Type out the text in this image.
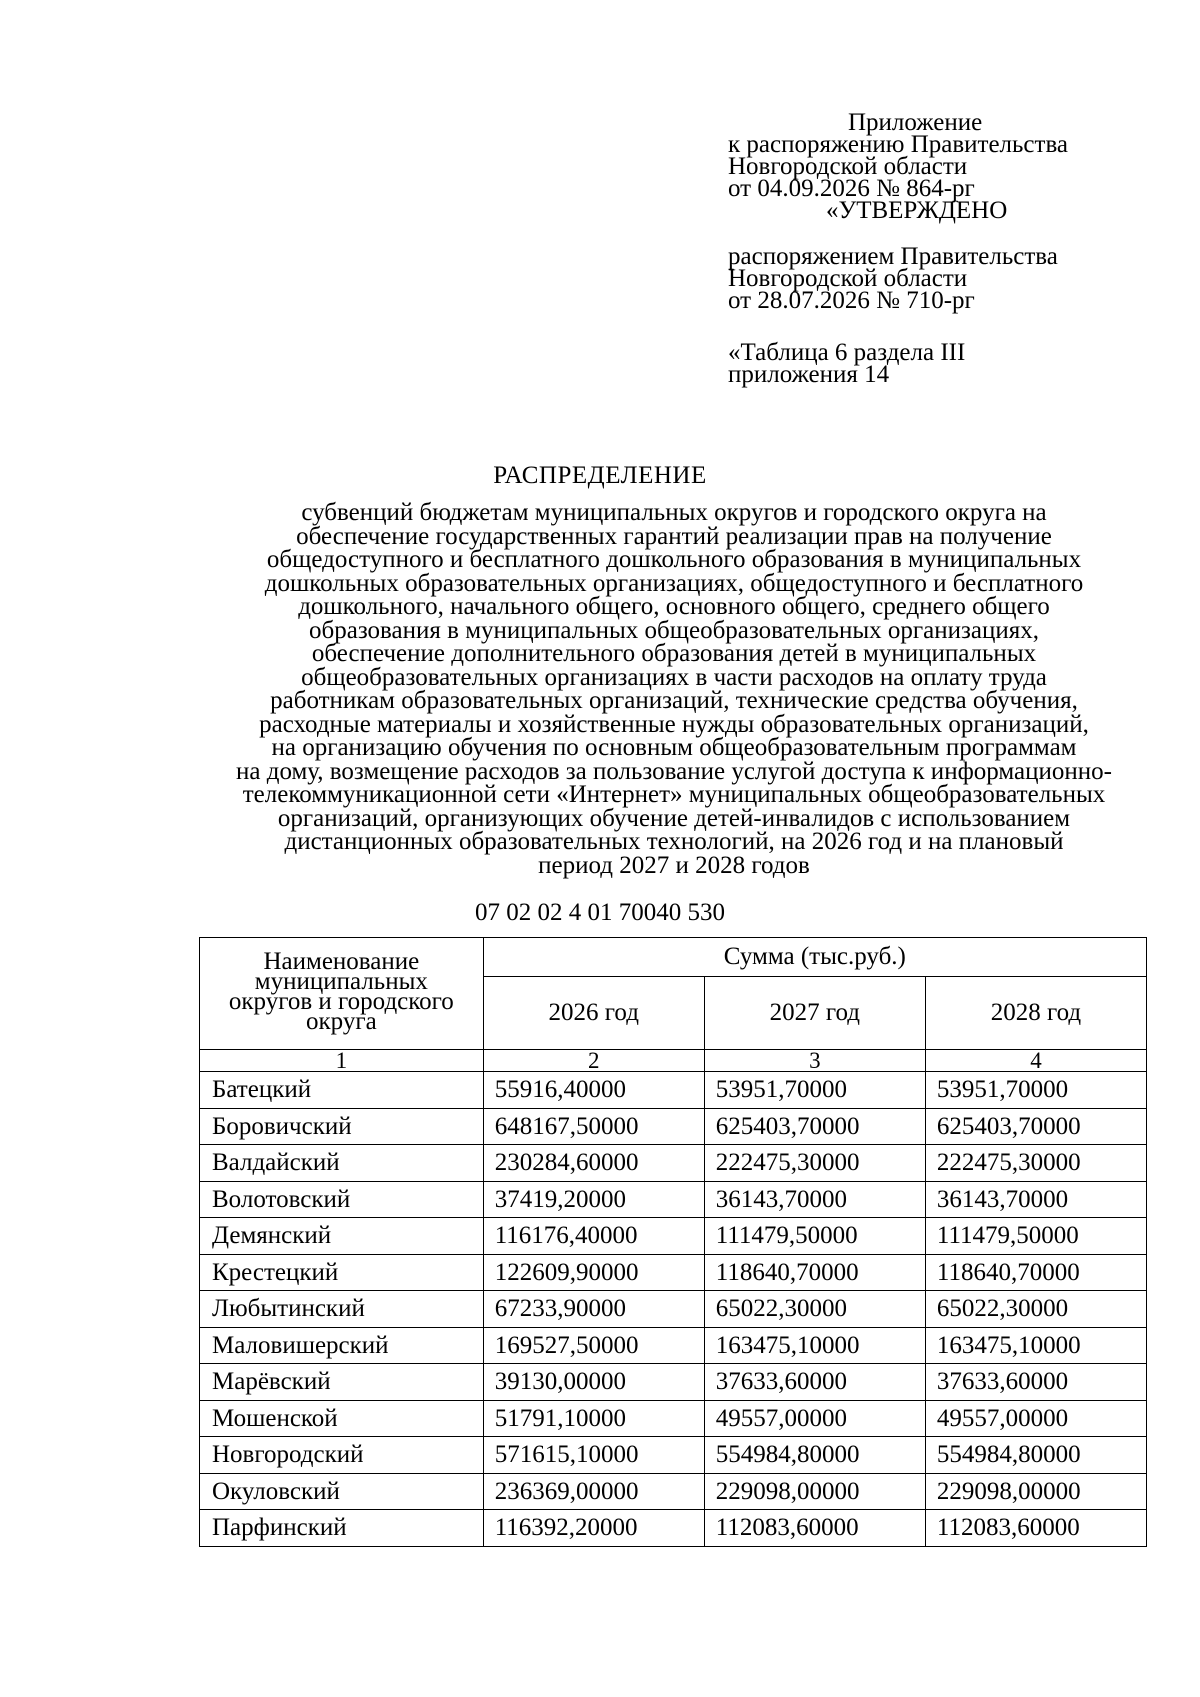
Приложение
к распоряжению Правительства
Новгородской области
от 04.09.2026 № 864-рг
«УТВЕРЖДЕНО
распоряжением Правительства
Новгородской области
от 28.07.2026 № 710-рг
«Таблица 6 раздела III
приложения 14
РАСПРЕДЕЛЕНИЕ
субвенций бюджетам муниципальных округов и городского округа на
обеспечение государственных гарантий реализации прав на получение
общедоступного и бесплатного дошкольного образования в муниципальных
дошкольных образовательных организациях, общедоступного и бесплатного
дошкольного, начального общего, основного общего, среднего общего
образования в муниципальных общеобразовательных организациях,
обеспечение дополнительного образования детей в муниципальных
общеобразовательных организациях в части расходов на оплату труда
работникам образовательных организаций, технические средства обучения,
расходные материалы и хозяйственные нужды образовательных организаций,
на организацию обучения по основным общеобразовательным программам
на дому, возмещение расходов за пользование услугой доступа к информационно-
телекоммуникационной сети «Интернет» муниципальных общеобразовательных
организаций, организующих обучение детей-инвалидов с использованием
дистанционных образовательных технологий, на 2026 год и на плановый
период 2027 и 2028 годов
07 02 02 4 01 70040 530
Наименование
муниципальных
округов и городского
округа	Сумма (тыс.руб.)		
	2026 год	2027 год	2028 год
1	2	3	4
Батецкий	55916,40000	53951,70000	53951,70000
Боровичский	648167,50000	625403,70000	625403,70000
Валдайский	230284,60000	222475,30000	222475,30000
Волотовский	37419,20000	36143,70000	36143,70000
Демянский	116176,40000	111479,50000	111479,50000
Крестецкий	122609,90000	118640,70000	118640,70000
Любытинский	67233,90000	65022,30000	65022,30000
Маловишерский	169527,50000	163475,10000	163475,10000
Марёвский	39130,00000	37633,60000	37633,60000
Мошенской	51791,10000	49557,00000	49557,00000
Новгородский	571615,10000	554984,80000	554984,80000
Окуловский	236369,00000	229098,00000	229098,00000
Парфинский	116392,20000	112083,60000	112083,60000
